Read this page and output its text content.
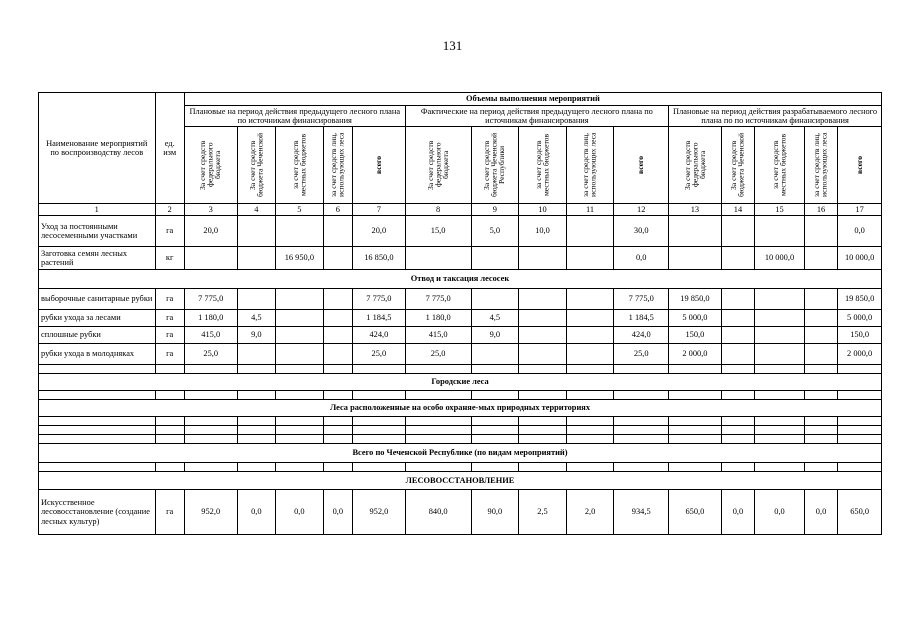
131
Наименование мероприятий по воспроизводству лесов	ед. изм	Объемы выполнения мероприятий														
		Плановые на период действия предыдущего лесного плана по источникам финансирования					Фактические на период действия предыдущего лесного плана по источникам финансирования					Плановые на период действия разрабатываемого лесного плана по по источникам финансирования				

		За счет средств федерального бюджета	За счет средств бюджета Чеченской	за счет средств местных бюджетов	за счет средств лиц, использующих леса	всего	За счет средств федерального бюджета	За счет средств бюджета Чеченской Республики	за счет средств местных бюджетов	за счет средств лиц, использующих леса	всего	За счет средств федерального бюджета	За счет средств бюджета Чеченской	за счет средств местных бюджетов	за счет средств лиц, использующих леса	всего

1	2	3	4	5	6	7	8	9	10	11	12	13	14	15	16	17
Уход за постоянными лесосеменными участками	га	20,0				20,0	15,0	5,0	10,0		30,0					0,0
Заготовка семян лесных растений	кг			16 950,0		16 850,0					0,0			10 000,0		10 000,0
Отвод и таксация лесосек																
выборочные санитарные рубки	га	7 775,0				7 775,0	7 775,0				7 775,0	19 850,0				19 850,0
рубки ухода за лесами	га	1 180,0	4,5			1 184,5	1 180,0	4,5			1 184,5	5 000,0				5 000,0
сплошные рубки	га	415,0	9,0			424,0	415,0	9,0			424,0	150,0				150,0
рубки ухода в молодняках	га	25,0				25,0	25,0				25,0	2 000,0				2 000,0

Городские леса																

Леса расположенные на особо охраняе-мых природных территориях																

Всего по Чеченской Республике (по видам мероприятий)																

ЛЕСОВОССТАНОВЛЕНИЕ																
Искусственное лесовосстановление (создание лесных культур)	га	952,0	0,0	0,0	0,0	952,0	840,0	90,0	2,5	2,0	934,5	650,0	0,0	0,0	0,0	650,0
